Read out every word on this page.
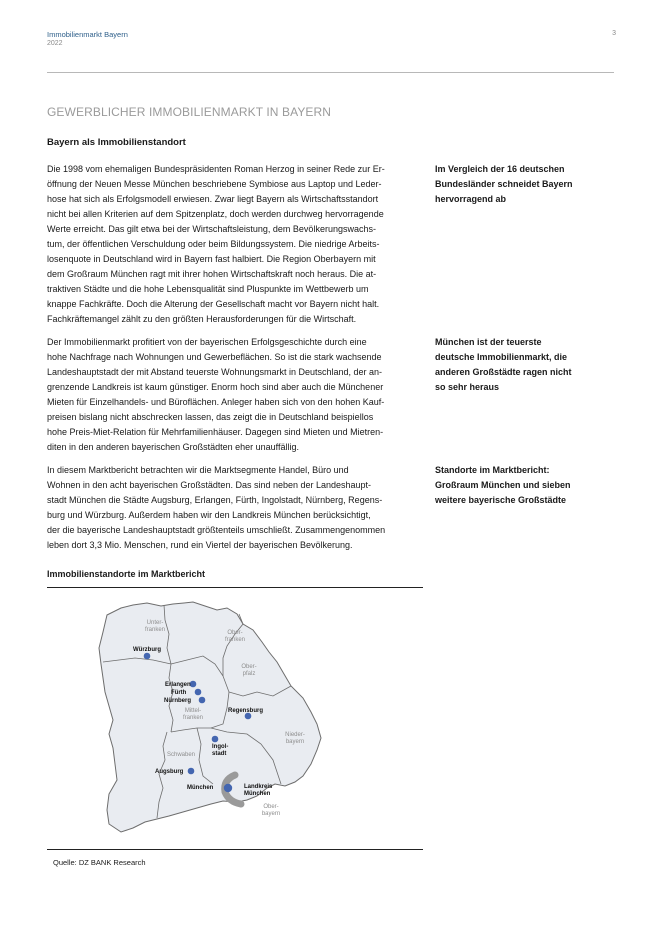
Immobilienmarkt Bayern
2022
3
GEWERBLICHER IMMOBILIENMARKT IN BAYERN
Bayern als Immobilienstandort

Die 1998 vom ehemaligen Bundespräsidenten Roman Herzog in seiner Rede zur Er-
öffnung der Neuen Messe München beschriebene Symbiose aus Laptop und Leder-
hose hat sich als Erfolgsmodell erwiesen. Zwar liegt Bayern als Wirtschaftsstandort
nicht bei allen Kriterien auf dem Spitzenplatz, doch werden durchweg hervorragende
Werte erreicht. Das gilt etwa bei der Wirtschaftsleistung, dem Bevölkerungswachs-
tum, der öffentlichen Verschuldung oder beim Bildungssystem. Die niedrige Arbeits-
losenquote in Deutschland wird in Bayern fast halbiert. Die Region Oberbayern mit
dem Großraum München ragt mit ihrer hohen Wirtschaftskraft noch heraus. Die at-
traktiven Städte und die hohe Lebensqualität sind Pluspunkte im Wettbewerb um
knappe Fachkräfte. Doch die Alterung der Gesellschaft macht vor Bayern nicht halt.
Fachkräftemangel zählt zu den größten Herausforderungen für die Wirtschaft.

Der Immobilienmarkt profitiert von der bayerischen Erfolgsgeschichte durch eine
hohe Nachfrage nach Wohnungen und Gewerbeflächen. So ist die stark wachsende
Landeshauptstadt der mit Abstand teuerste Wohnungsmarkt in Deutschland, der an-
grenzende Landkreis ist kaum günstiger. Enorm hoch sind aber auch die Münchener
Mieten für Einzelhandels- und Büroflächen. Anleger haben sich von den hohen Kauf-
preisen bislang nicht abschrecken lassen, das zeigt die in Deutschland beispiellos
hohe Preis-Miet-Relation für Mehrfamilienhäuser. Dagegen sind Mieten und Mietren-
diten in den anderen bayerischen Großstädten eher unauffällig.

In diesem Marktbericht betrachten wir die Marktsegmente Handel, Büro und
Wohnen in den acht bayerischen Großstädten. Das sind neben der Landeshaupt-
stadt München die Städte Augsburg, Erlangen, Fürth, Ingolstadt, Nürnberg, Regens-
burg und Würzburg. Außerdem haben wir den Landkreis München berücksichtigt,
der die bayerische Landeshauptstadt größtenteils umschließt. Zusammengenommen
leben dort 3,3 Mio. Menschen, rund ein Viertel der bayerischen Bevölkerung.

Im Vergleich der 16 deutschen
Bundesländer schneidet Bayern
hervorragend ab

München ist der teuerste
deutsche Immobilienmarkt, die
anderen Großstädte ragen nicht
so sehr heraus

Standorte im Marktbericht:
Großraum München und sieben
weitere bayerische Großstädte

Immobilienstandorte im Marktbericht
Unter-franken	Ober-franken
Ober-pfalz
Mittel-franken
Nieder-bayern
Schwaben
Ober-bayern
Würzburg
Erlangen
Fürth
Nürnberg
Regensburg
Ingol-stadt
Augsburg
München	Landkreis München
Quelle: DZ BANK Research
